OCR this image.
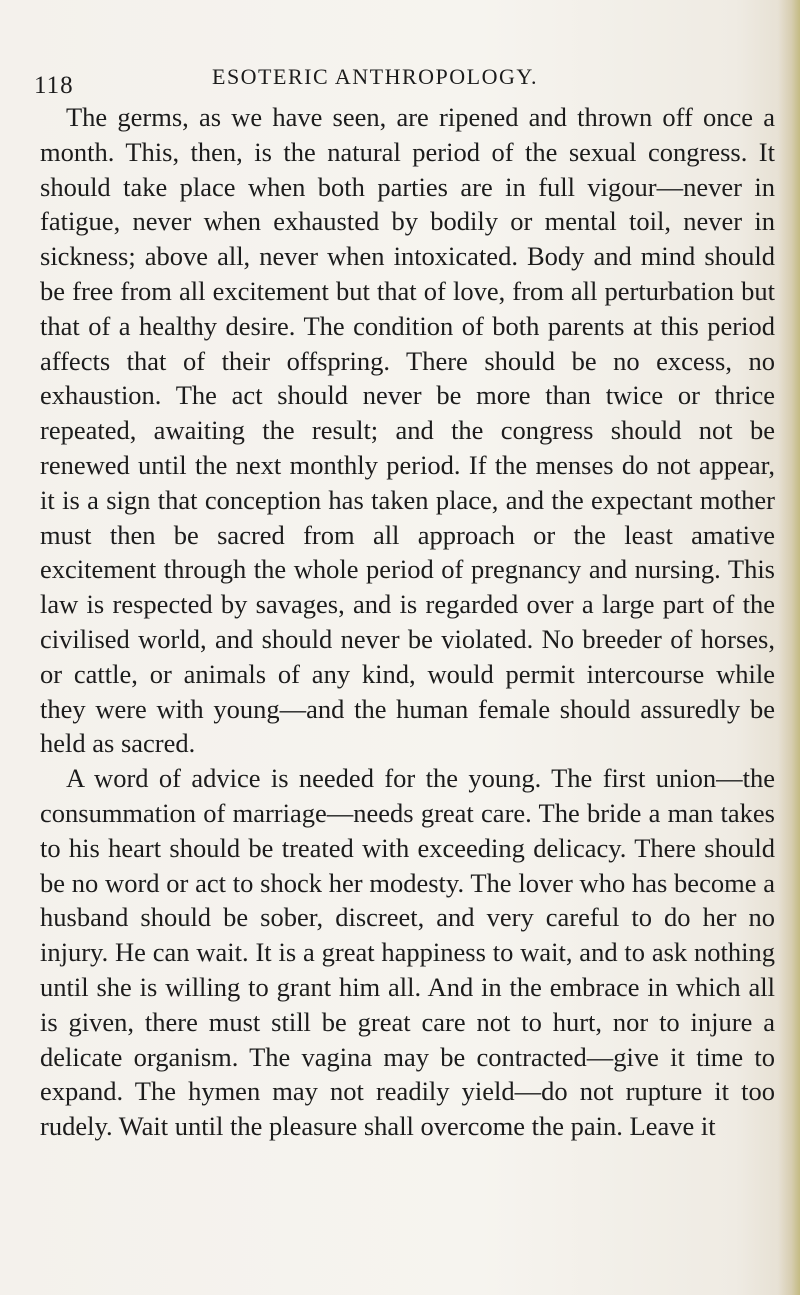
118	ESOTERIC ANTHROPOLOGY.

The germs, as we have seen, are ripened and thrown off once a month. This, then, is the natural period of the sexual congress. It should take place when both parties are in full vigour—never in fatigue, never when exhausted by bodily or mental toil, never in sickness; above all, never when intoxicated. Body and mind should be free from all excitement but that of love, from all perturbation but that of a healthy desire. The condition of both parents at this period affects that of their offspring. There should be no excess, no exhaustion. The act should never be more than twice or thrice repeated, awaiting the result; and the congress should not be renewed until the next monthly period. If the menses do not appear, it is a sign that conception has taken place, and the expectant mother must then be sacred from all approach or the least amative excitement through the whole period of pregnancy and nursing. This law is respected by savages, and is regarded over a large part of the civilised world, and should never be violated. No breeder of horses, or cattle, or animals of any kind, would permit intercourse while they were with young—and the human female should assuredly be held as sacred.

A word of advice is needed for the young. The first union—the consummation of marriage—needs great care. The bride a man takes to his heart should be treated with exceeding delicacy. There should be no word or act to shock her modesty. The lover who has become a husband should be sober, discreet, and very careful to do her no injury. He can wait. It is a great happiness to wait, and to ask nothing until she is willing to grant him all. And in the embrace in which all is given, there must still be great care not to hurt, nor to injure a delicate organism. The vagina may be contracted—give it time to expand. The hymen may not readily yield—do not rupture it too rudely. Wait until the pleasure shall overcome the pain. Leave it
